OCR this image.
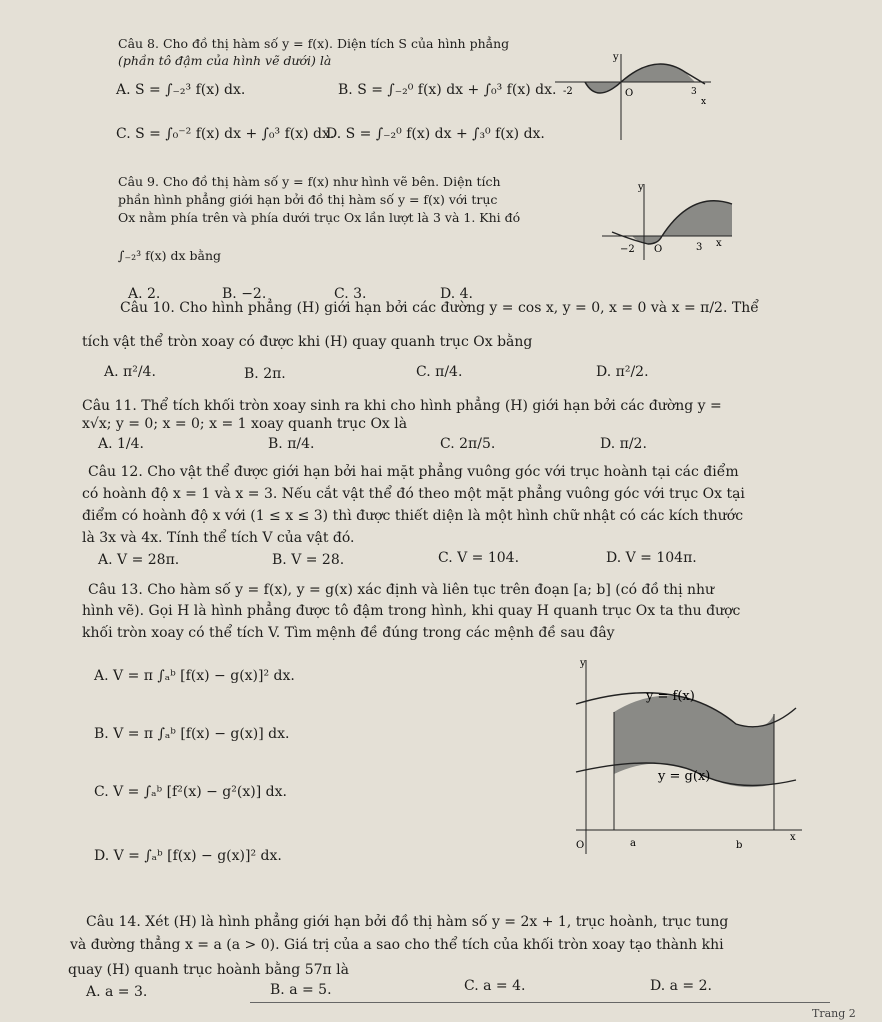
Câu 8. Cho đồ thị hàm số y = f(x). Diện tích S của hình phẳng
(phần tô đậm của hình vẽ dưới) là
A. S = ∫₋₂³ f(x) dx.	B. S = ∫₋₂⁰ f(x) dx + ∫₀³ f(x) dx.
C. S = ∫₀⁻² f(x) dx + ∫₀³ f(x) dx.
D. S = ∫₋₂⁰ f(x) dx + ∫₃⁰ f(x) dx.
y
-2	O	3
x
Câu 9. Cho đồ thị hàm số y = f(x) như hình vẽ bên. Diện tích
phần hình phẳng giới hạn bởi đồ thị hàm số y = f(x) với trục
Ox nằm phía trên và phía dưới trục Ox lần lượt là 3 và 1. Khi đó
∫₋₂³ f(x) dx bằng
A. 2.	B. −2.	C. 3.	D. 4.
y
−2 O	3 x
Câu 10. Cho hình phẳng (H) giới hạn bởi các đường y = cos x, y = 0, x = 0 và x = π/2. Thể
tích vật thể tròn xoay có được khi (H) quay quanh trục Ox bằng
A. π²/4.	B. 2π.	C. π/4.	D. π²/2.
Câu 11. Thể tích khối tròn xoay sinh ra khi cho hình phẳng (H) giới hạn bởi các đường y =
x√x; y = 0; x = 0; x = 1 xoay quanh trục Ox là
A. 1/4.	B. π/4.	C. 2π/5.	D. π/2.
Câu 12. Cho vật thể được giới hạn bởi hai mặt phẳng vuông góc với trục hoành tại các điểm
có hoành độ x = 1 và x = 3. Nếu cắt vật thể đó theo một mặt phẳng vuông góc với trục Ox tại
điểm có hoành độ x với (1 ≤ x ≤ 3) thì được thiết diện là một hình chữ nhật có các kích thước
là 3x và 4x. Tính thể tích V của vật đó.
A. V = 28π.	B. V = 28.	C. V = 104.	D. V = 104π.
Câu 13. Cho hàm số y = f(x), y = g(x) xác định và liên tục trên đoạn [a; b] (có đồ thị như
hình vẽ). Gọi H là hình phẳng được tô đậm trong hình, khi quay H quanh trục Ox ta thu được
khối tròn xoay có thể tích V. Tìm mệnh đề đúng trong các mệnh đề sau đây
A. V = π ∫ₐᵇ [f(x) − g(x)]² dx.
B. V = π ∫ₐᵇ [f(x) − g(x)] dx.
C. V = ∫ₐᵇ [f²(x) − g²(x)] dx.
D. V = ∫ₐᵇ [f(x) − g(x)]² dx.
y
y = f(x)
y = g(x)
O	a	b
x
Câu 14. Xét (H) là hình phẳng giới hạn bởi đồ thị hàm số y = 2x + 1, trục hoành, trục tung
và đường thẳng x = a (a > 0). Giá trị của a sao cho thể tích của khối tròn xoay tạo thành khi
quay (H) quanh trục hoành bằng 57π là
A. a = 3.	B. a = 5.	C. a = 4.	D. a = 2.
Trang 2
